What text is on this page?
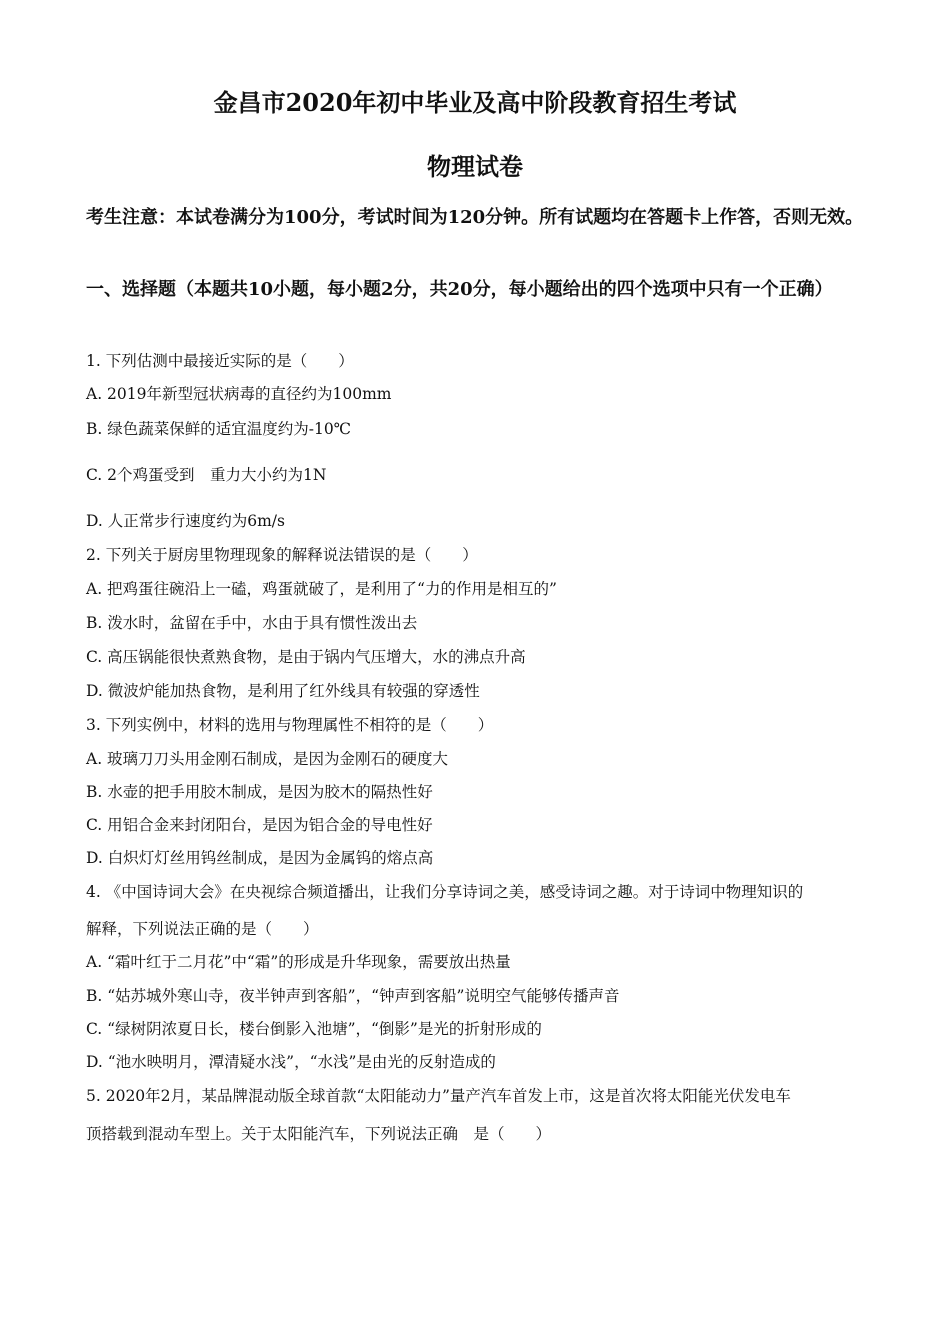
金昌市2020年初中毕业及高中阶段教育招生考试
物理试卷
考生注意：本试卷满分为100分，考试时间为120分钟。所有试题均在答题卡上作答，否则无效。
一、选择题（本题共10小题，每小题2分，共20分，每小题给出的四个选项中只有一个正确）
1. 下列估测中最接近实际的是（　　）
A. 2019年新型冠状病毒的直径约为100mm
B. 绿色蔬菜保鲜的适宜温度约为-10℃
C. 2个鸡蛋受到　重力大小约为1N
D. 人正常步行速度约为6m/s
2. 下列关于厨房里物理现象的解释说法错误的是（　　）
A. 把鸡蛋往碗沿上一磕，鸡蛋就破了，是利用了“力的作用是相互的”
B. 泼水时，盆留在手中，水由于具有惯性泼出去
C. 高压锅能很快煮熟食物，是由于锅内气压增大，水的沸点升高
D. 微波炉能加热食物，是利用了红外线具有较强的穿透性
3. 下列实例中，材料的选用与物理属性不相符的是（　　）
A. 玻璃刀刀头用金刚石制成，是因为金刚石的硬度大
B. 水壶的把手用胶木制成，是因为胶木的隔热性好
C. 用铝合金来封闭阳台，是因为铝合金的导电性好
D. 白炽灯灯丝用钨丝制成，是因为金属钨的熔点高
4. 《中国诗词大会》在央视综合频道播出，让我们分享诗词之美，感受诗词之趣。对于诗词中物理知识的
解释，下列说法正确的是（　　）
A. “霜叶红于二月花”中“霜”的形成是升华现象，需要放出热量
B. “姑苏城外寒山寺，夜半钟声到客船”，“钟声到客船”说明空气能够传播声音
C. “绿树阴浓夏日长，楼台倒影入池塘”，“倒影”是光的折射形成的
D. “池水映明月，潭清疑水浅”，“水浅”是由光的反射造成的
5. 2020年2月，某品牌混动版全球首款“太阳能动力”量产汽车首发上市，这是首次将太阳能光伏发电车
顶搭载到混动车型上。关于太阳能汽车，下列说法正确　是（　　）
